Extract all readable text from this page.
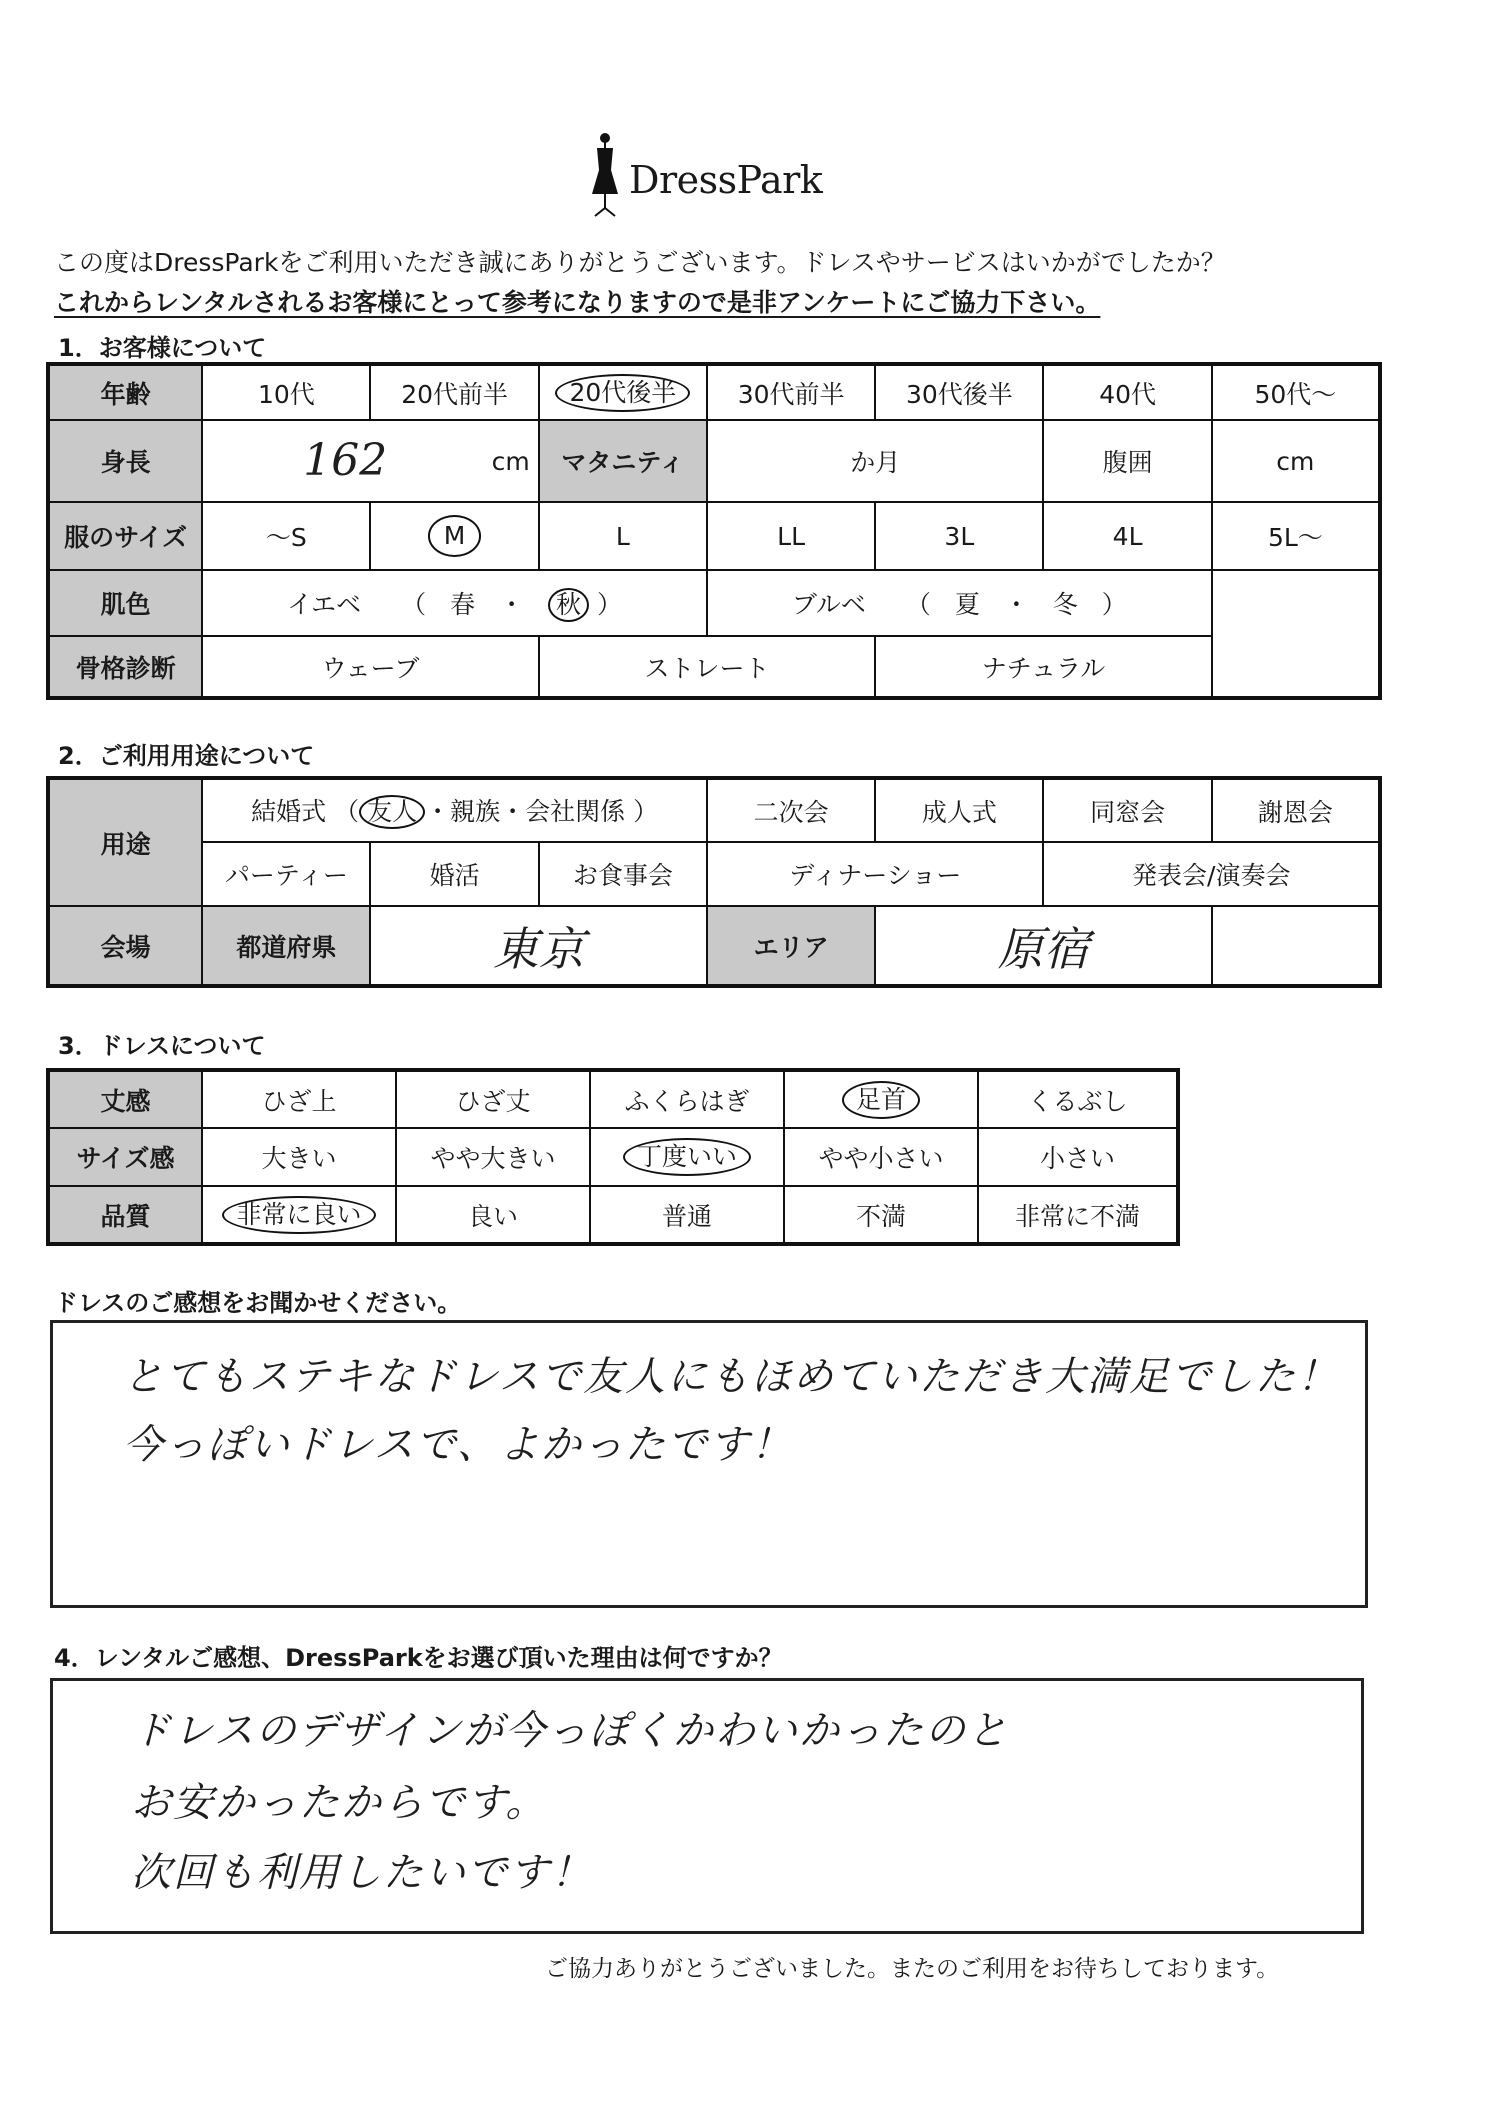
DressPark
この度はDressParkをご利用いただき誠にありがとうございます。ドレスやサービスはいかがでしたか？
これからレンタルされるお客様にとって参考になりますので是非アンケートにご協力下さい。
1．お客様について
年齢	10代	20代前半	20代後半	30代前半	30代後半	40代	50代～
身長	162 cm		マタニティ	か月		腹囲	cm
服のサイズ	～S	M	L	LL	3L	4L	5L～
肌色	イエベ （ 春 ・ 秋 ）			ブルベ （ 夏 ・ 冬 ）			
骨格診断	ウェーブ		ストレート		ナチュラル		
2．ご利用用途について
用途	結婚式 （ 友人 ・親族・会社関係 ）			二次会	成人式	同窓会	謝恩会
	パーティー	婚活	お食事会	ディナーショー		発表会/演奏会	
会場	都道府県	東京		エリア	原宿		
3．ドレスについて
丈感	ひざ上	ひざ丈	ふくらはぎ	足首	くるぶし
サイズ感	大きい	やや大きい	丁度いい	やや小さい	小さい
品質	非常に良い	良い	普通	不満	非常に不満
ドレスのご感想をお聞かせください。
とてもステキなドレスで友人にもほめていただき大満足でした！
今っぽいドレスで、よかったです！
4．レンタルご感想、DressParkをお選び頂いた理由は何ですか？
ドレスのデザインが今っぽくかわいかったのと
お安かったからです。
次回も利用したいです！
ご協力ありがとうございました。またのご利用をお待ちしております。
